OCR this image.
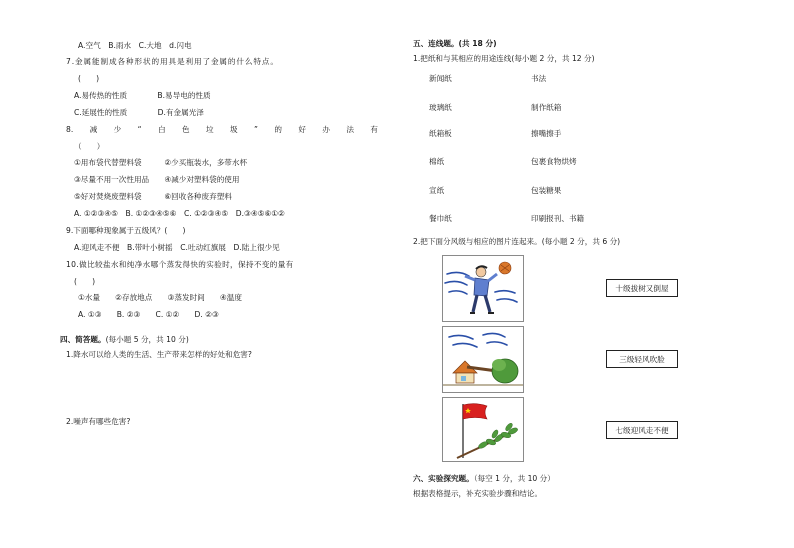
A.空气　B.雨水　C.大地　d.闪电
7.金属能制成各种形状的用具是利用了金属的什么特点。
(　　)
A.易传热的性质　　　　B.易导电的性质
C.延展性的性质　　　　D.有金属光泽
8. 减 少 “ 白 色 垃 圾 ” 的 好 办 法 有
（　　）
①用布袋代替塑料袋　　　②少买瓶装水，多带水杯
③尽量不用一次性用品　　④减少对塑料袋的使用
⑤好对焚烧废塑料袋　　　⑥回收各种废弃塑料
A. ①②③④⑤　B. ①②③④⑤⑥　C. ①②③④⑤　D.③④⑤⑥①②
9.下面哪种现象属于五级风？(　　)
A.迎风走不便　B.带叶小树摇　C.吐动红旗展　D.陆上很少见
10.做比较盐水和纯净水哪个蒸发得快的实验时，保持不变的量有
(　　)
①水量　　②存放地点　　③蒸发时间　　④温度
A. ①③　　B. ②③　　C. ①②　　D. ②③
四、简答题。(每小题 5 分，共 10 分)
1.降水可以给人类的生活、生产带来怎样的好处和危害?
2.噪声有哪些危害?
五、连线题。(共 18 分)
1.把纸和与其相应的用途连线(每小题 2 分，共 12 分)
新闻纸
玻璃纸
纸箱板
棉纸
宣纸
餐巾纸
书法
制作纸箱
擦嘴擦手
包裹食物烘烤
包装糖果
印刷报刊、书籍
2.把下面分风级与相应的图片连起来。(每小题 2 分，共 6 分)
十级拔树又倒屋
三级轻风吹脸
七级迎风走不便
六、实验探究题。（每空 1 分，共 10 分）
根据表格提示，补充实验步骤和结论。
